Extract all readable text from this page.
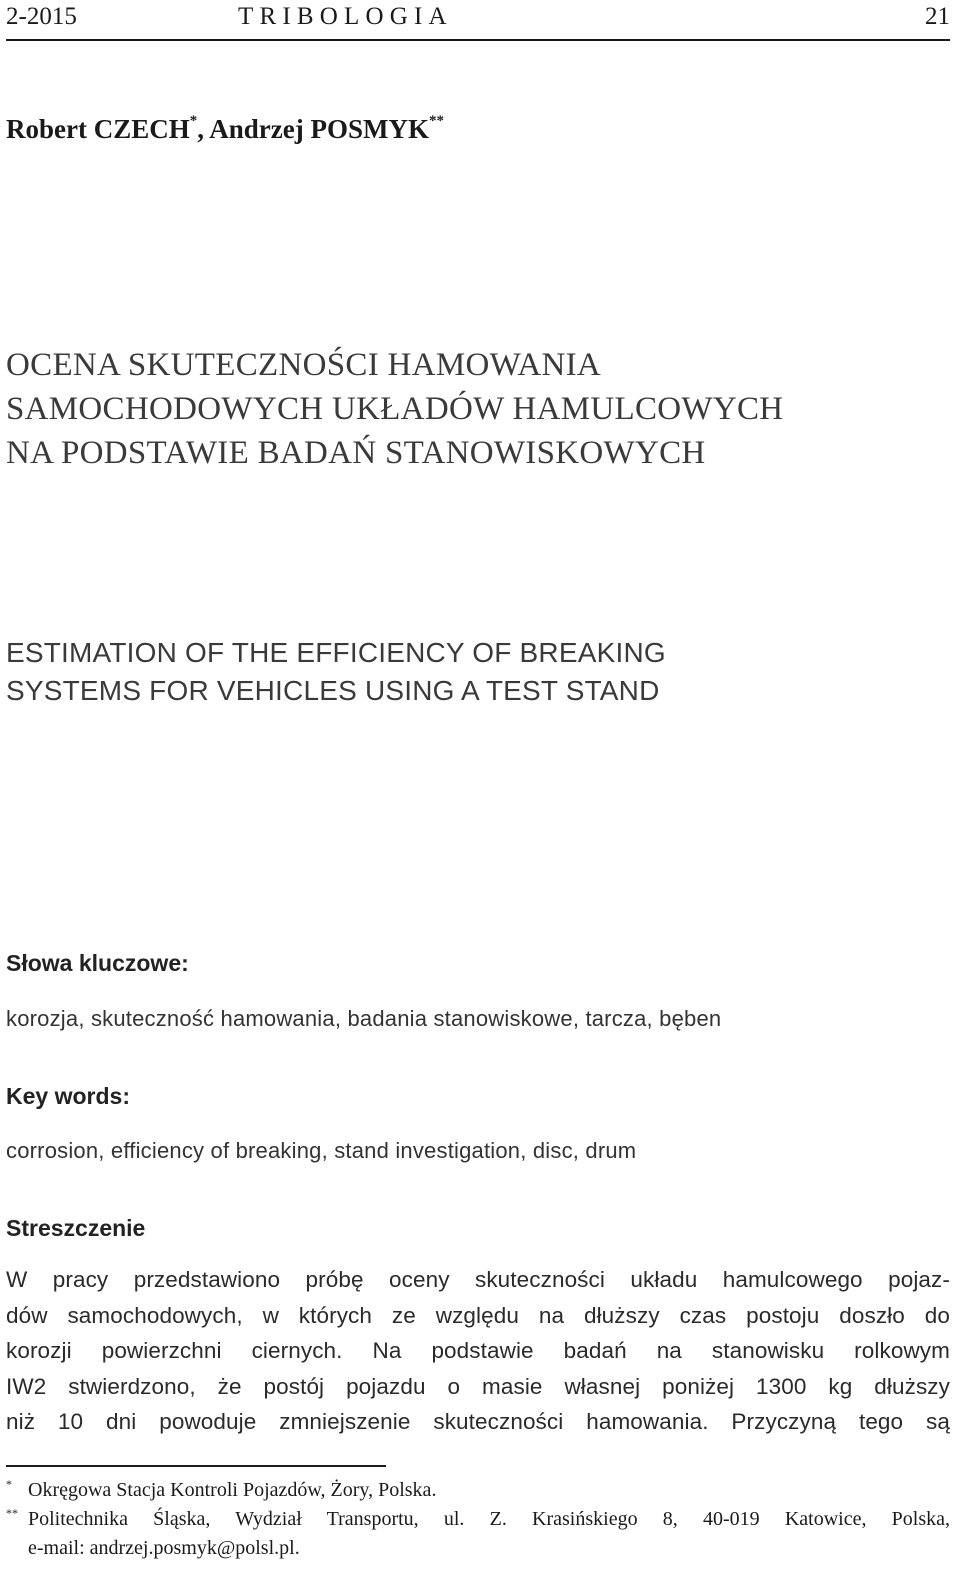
2-2015	TRIBOLOGIA	21
Robert CZECH*, Andrzej POSMYK**
OCENA SKUTECZNOŚCI HAMOWANIA
SAMOCHODOWYCH UKŁADÓW HAMULCOWYCH
NA PODSTAWIE BADAŃ STANOWISKOWYCH
ESTIMATION OF THE EFFICIENCY OF BREAKING
SYSTEMS FOR VEHICLES USING A TEST STAND
Słowa kluczowe:
korozja, skuteczność hamowania, badania stanowiskowe, tarcza, bęben
Key words:
corrosion, efficiency of breaking, stand investigation, disc, drum
Streszczenie
W pracy przedstawiono próbę oceny skuteczności układu hamulcowego pojaz-
dów samochodowych, w których ze względu na dłuższy czas postoju doszło do
korozji powierzchni ciernych. Na podstawie badań na stanowisku rolkowym
IW2 stwierdzono, że postój pojazdu o masie własnej poniżej 1300 kg dłuższy
niż 10 dni powoduje zmniejszenie skuteczności hamowania. Przyczyną tego są
* Okręgowa Stacja Kontroli Pojazdów, Żory, Polska.
** Politechnika Śląska, Wydział Transportu, ul. Z. Krasińskiego 8, 40-019 Katowice, Polska,
e-mail: andrzej.posmyk@polsl.pl.
